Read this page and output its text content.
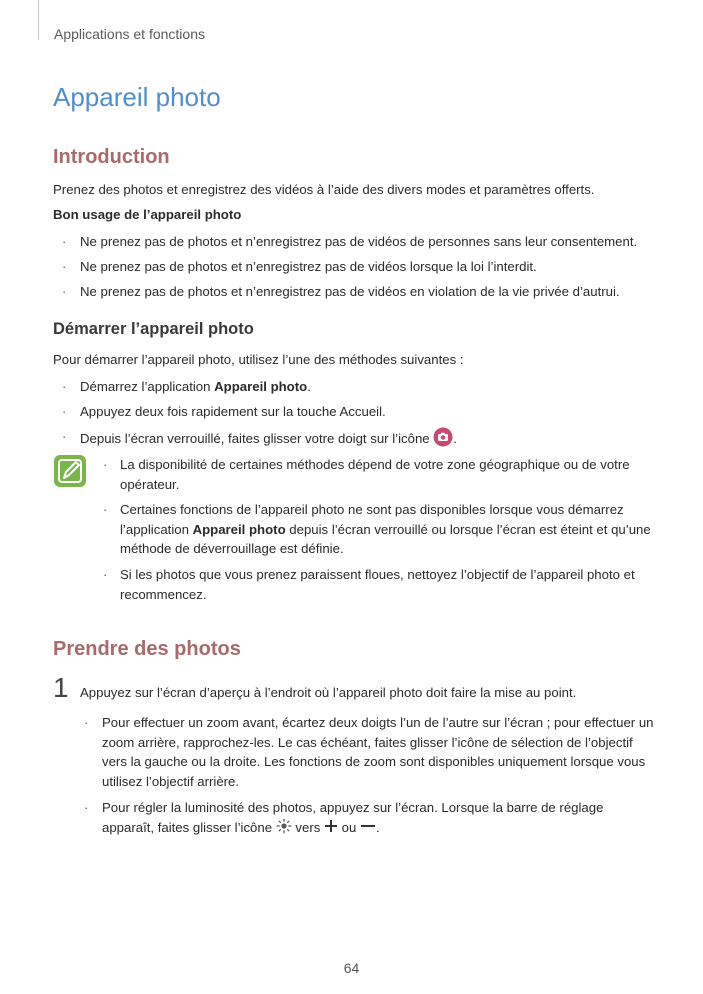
Applications et fonctions
Appareil photo
Introduction

Prenez des photos et enregistrez des vidéos à l’aide des divers modes et paramètres offerts.

Bon usage de l’appareil photo

· Ne prenez pas de photos et n’enregistrez pas de vidéos de personnes sans leur consentement.
· Ne prenez pas de photos et n’enregistrez pas de vidéos lorsque la loi l’interdit.
· Ne prenez pas de photos et n’enregistrez pas de vidéos en violation de la vie privée d’autrui.
Démarrer l’appareil photo

Pour démarrer l’appareil photo, utilisez l’une des méthodes suivantes :

· Démarrez l’application Appareil photo.
· Appuyez deux fois rapidement sur la touche Accueil.
· Depuis l’écran verrouillé, faites glisser votre doigt sur l’icône .
· La disponibilité de certaines méthodes dépend de votre zone géographique ou de votre opérateur.
· Certaines fonctions de l’appareil photo ne sont pas disponibles lorsque vous démarrez l’application Appareil photo depuis l’écran verrouillé ou lorsque l’écran est éteint et qu’une méthode de déverrouillage est définie.
· Si les photos que vous prenez paraissent floues, nettoyez l’objectif de l’appareil photo et recommencez.
Prendre des photos
1 Appuyez sur l’écran d’aperçu à l’endroit où l’appareil photo doit faire la mise au point.
· Pour effectuer un zoom avant, écartez deux doigts l’un de l’autre sur l’écran ; pour effectuer un zoom arrière, rapprochez-les. Le cas échéant, faites glisser l’icône de sélection de l’objectif vers la gauche ou la droite. Les fonctions de zoom sont disponibles uniquement lorsque vous utilisez l’objectif arrière.
· Pour régler la luminosité des photos, appuyez sur l’écran. Lorsque la barre de réglage apparaît, faites glisser l’icône vers ou .
64
